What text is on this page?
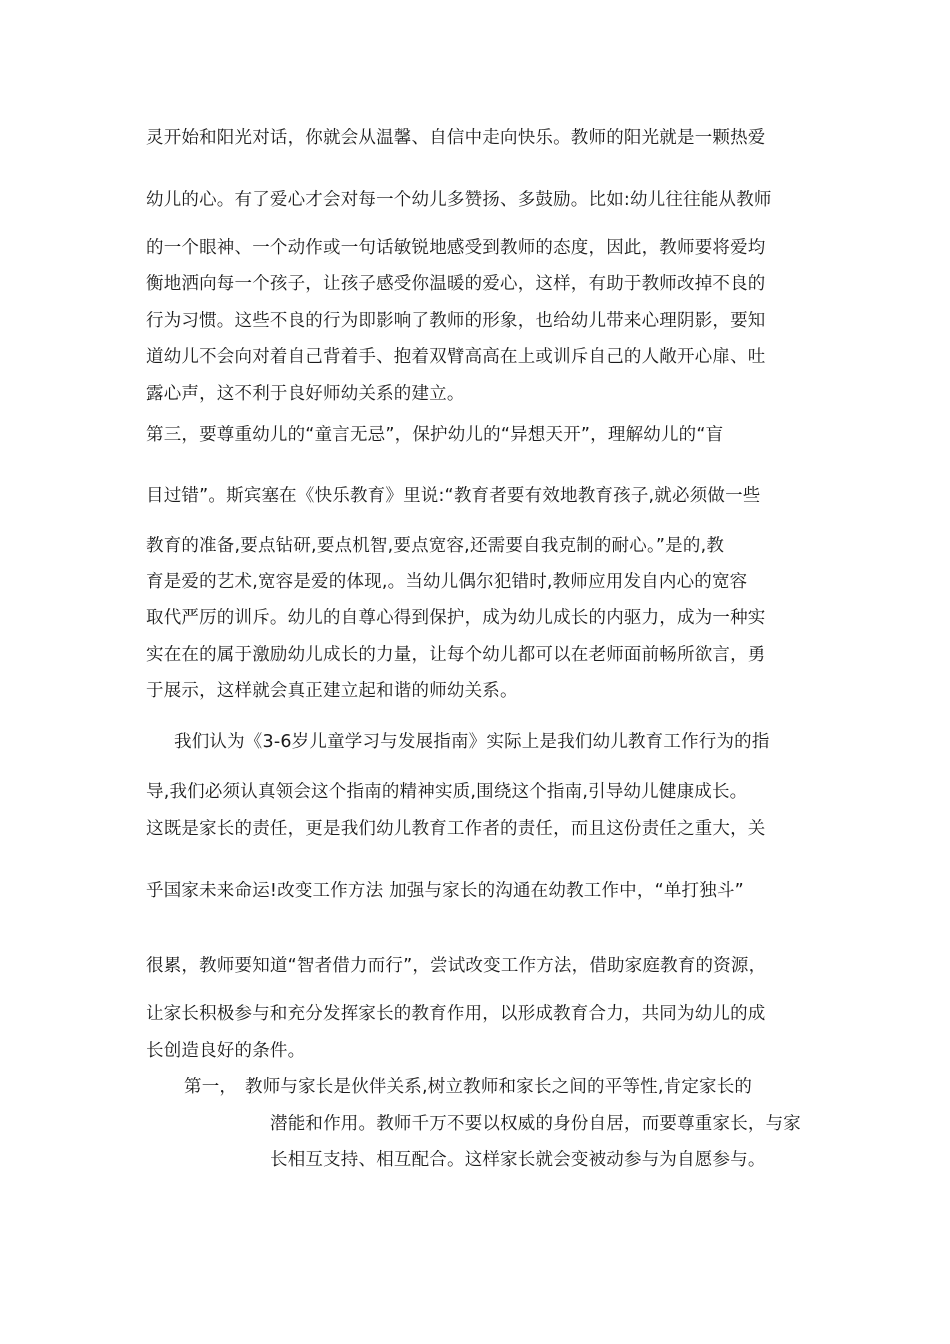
灵开始和阳光对话，你就会从温馨、自信中走向快乐。教师的阳光就是一颗热爱
幼儿的心。有了爱心才会对每一个幼儿多赞扬、多鼓励。比如:幼儿往往能从教师
的一个眼神、一个动作或一句话敏锐地感受到教师的态度，因此，教师要将爱均
衡地洒向每一个孩子，让孩子感受你温暖的爱心，这样，有助于教师改掉不良的
行为习惯。这些不良的行为即影响了教师的形象，也给幼儿带来心理阴影，要知
道幼儿不会向对着自己背着手、抱着双臂高高在上或训斥自己的人敞开心扉、吐
露心声，这不利于良好师幼关系的建立。
第三，要尊重幼儿的“童言无忌”，保护幼儿的“异想天开”，理解幼儿的“盲
目过错”。斯宾塞在《快乐教育》里说:“教育者要有效地教育孩子,就必须做一些
教育的准备,要点钻研,要点机智,要点宽容,还需要自我克制的耐心。”是的,教
育是爱的艺术,宽容是爱的体现,。当幼儿偶尔犯错时,教师应用发自内心的宽容
取代严厉的训斥。幼儿的自尊心得到保护，成为幼儿成长的内驱力，成为一种实
实在在的属于激励幼儿成长的力量，让每个幼儿都可以在老师面前畅所欲言，勇
于展示，这样就会真正建立起和谐的师幼关系。
我们认为《3-6岁儿童学习与发展指南》实际上是我们幼儿教育工作行为的指
导,我们必须认真领会这个指南的精神实质,围绕这个指南,引导幼儿健康成长。
这既是家长的责任，更是我们幼儿教育工作者的责任，而且这份责任之重大，关
乎国家未来命运!改变工作方法 加强与家长的沟通在幼教工作中，“单打独斗”
很累，教师要知道“智者借力而行”，尝试改变工作方法，借助家庭教育的资源，
让家长积极参与和充分发挥家长的教育作用，以形成教育合力，共同为幼儿的成
长创造良好的条件。
第一， 教师与家长是伙伴关系,树立教师和家长之间的平等性,肯定家长的
潜能和作用。教师千万不要以权威的身份自居，而要尊重家长，与家
长相互支持、相互配合。这样家长就会变被动参与为自愿参与。
